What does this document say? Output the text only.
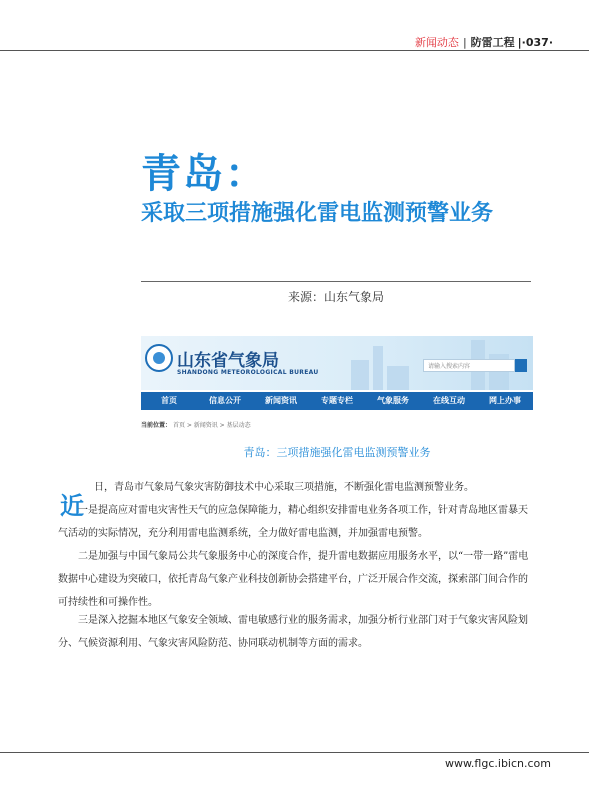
新闻动态 | 防雷工程 |·037·
青岛：
采取三项措施强化雷电监测预警业务
来源：山东气象局
山东省气象局
SHANDONG METEOROLOGICAL BUREAU
请输入搜索内容
首页	信息公开	新闻资讯	专题专栏	气象服务	在线互动	网上办事
当前位置： 首页 > 新闻资讯 > 基层动态
青岛：三项措施强化雷电监测预警业务
近

日，青岛市气象局气象灾害防御技术中心采取三项措施，不断强化雷电监测预警业务。

一是提高应对雷电灾害性天气的应急保障能力，精心组织安排雷电业务各项工作，针对青岛地区雷暴天气活动的实际情况，充分利用雷电监测系统，全力做好雷电监测，并加强雷电预警。

二是加强与中国气象局公共气象服务中心的深度合作，提升雷电数据应用服务水平，以“一带一路”雷电数据中心建设为突破口，依托青岛气象产业科技创新协会搭建平台，广泛开展合作交流，探索部门间合作的可持续性和可操作性。

三是深入挖掘本地区气象安全领域、雷电敏感行业的服务需求，加强分析行业部门对于气象灾害风险划分、气候资源利用、气象灾害风险防范、协同联动机制等方面的需求。

www.flgc.ibicn.com
